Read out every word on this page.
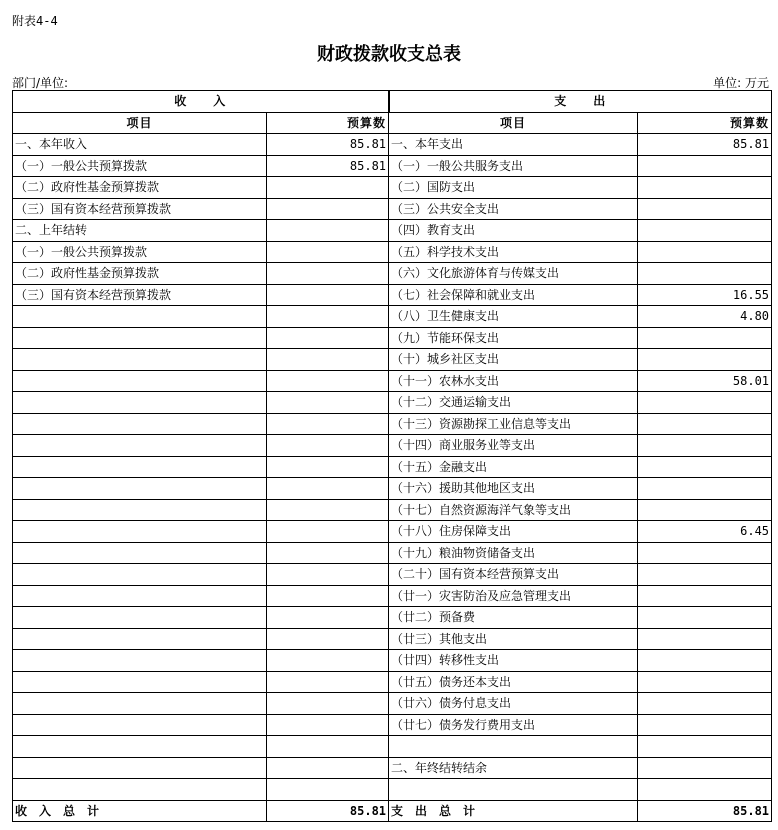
附表4-4
财政拨款收支总表
部门/单位:	单位: 万元
收　　入		支　　出	
项目	预算数	项目	预算数
一、本年收入	85.81	一、本年支出	85.81
（一）一般公共预算拨款	85.81	（一）一般公共服务支出	
（二）政府性基金预算拨款		（二）国防支出	
（三）国有资本经营预算拨款		（三）公共安全支出	
二、上年结转		（四）教育支出	
（一）一般公共预算拨款		（五）科学技术支出	
（二）政府性基金预算拨款		（六）文化旅游体育与传媒支出	
（三）国有资本经营预算拨款		（七）社会保障和就业支出	16.55
		（八）卫生健康支出	4.80
		（九）节能环保支出	
		（十）城乡社区支出	
		（十一）农林水支出	58.01
		（十二）交通运输支出	
		（十三）资源勘探工业信息等支出	
		（十四）商业服务业等支出	
		（十五）金融支出	
		（十六）援助其他地区支出	
		（十七）自然资源海洋气象等支出	
		（十八）住房保障支出	6.45
		（十九）粮油物资储备支出	
		（二十）国有资本经营预算支出	
		（廿一）灾害防治及应急管理支出	
		（廿二）预备费	
		（廿三）其他支出	
		（廿四）转移性支出	
		（廿五）债务还本支出	
		（廿六）债务付息支出	
		（廿七）债务发行费用支出	

		二、年终结转结余	

收　入　总　计	85.81	支　出　总　计	85.81
